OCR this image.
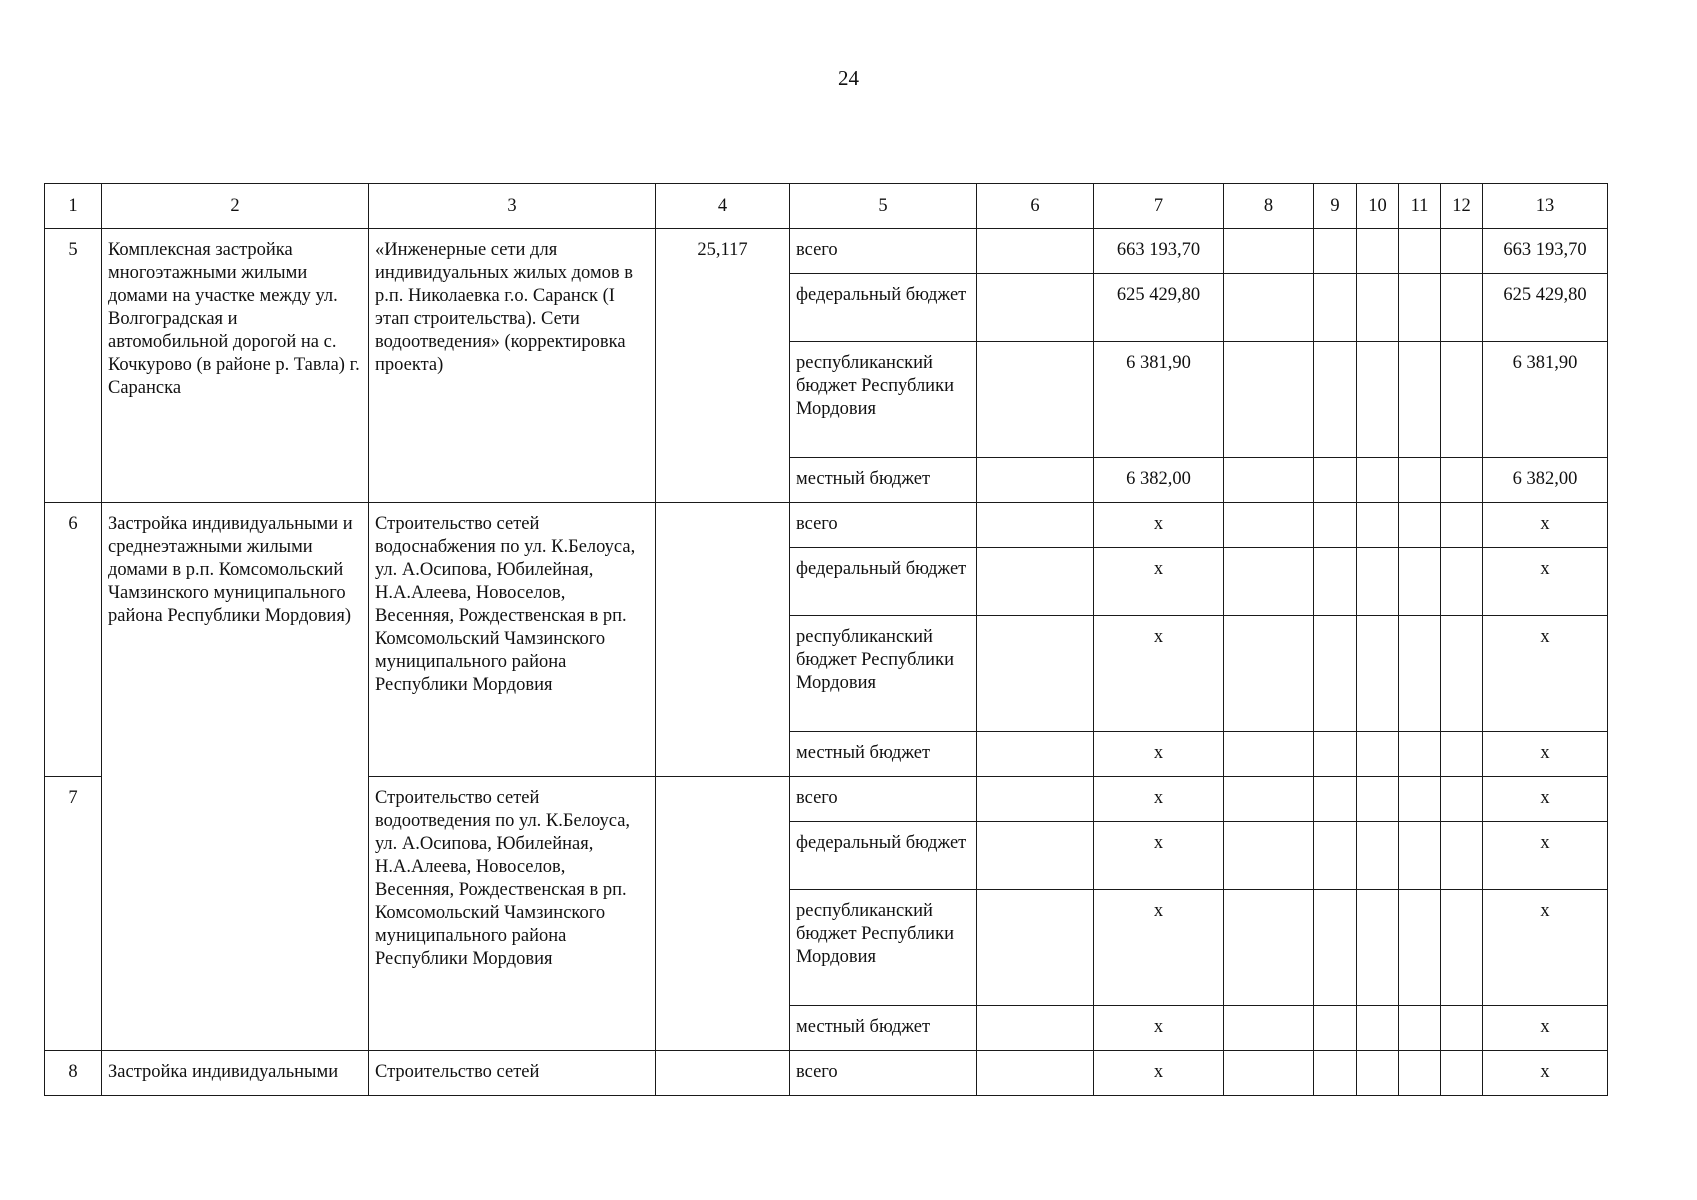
24
1	2	3	4	5	6	7	8	9	10	11	12	13
5	Комплексная застройка многоэтажными жилыми домами на участке между ул. Волгоградская и автомобильной дорогой на с. Кочкурово (в районе р. Тавла) г. Саранска	«Инженерные сети для индивидуальных жилых домов в р.п. Николаевка г.о. Саранск (I этап строительства). Сети водоотведения» (корректировка проекта)	25,117	всего		663 193,70						663 193,70
				федеральный бюджет		625 429,80						625 429,80
				республиканский бюджет Республики Мордовия		6 381,90						6 381,90
				местный бюджет		6 382,00						6 382,00
6	Застройка индивидуальными и среднеэтажными жилыми домами в р.п. Комсомольский Чамзинского муниципального района Республики Мордовия)	Строительство сетей водоснабжения по ул. К.Белоуса, ул. А.Осипова, Юбилейная, Н.А.Алеева, Новоселов, Весенняя, Рождественская в рп. Комсомольский Чамзинского муниципального района Республики Мордовия		всего		x						x
				федеральный бюджет		x						x
				республиканский бюджет Республики Мордовия		x						x
				местный бюджет		x						x
7		Строительство сетей водоотведения по ул. К.Белоуса, ул. А.Осипова, Юбилейная, Н.А.Алеева, Новоселов, Весенняя, Рождественская в рп. Комсомольский Чамзинского муниципального района Республики Мордовия		всего		x						x
				федеральный бюджет		x						x
				республиканский бюджет Республики Мордовия		x						x
				местный бюджет		x						x
8	Застройка индивидуальными	Строительство сетей		всего		x						x
